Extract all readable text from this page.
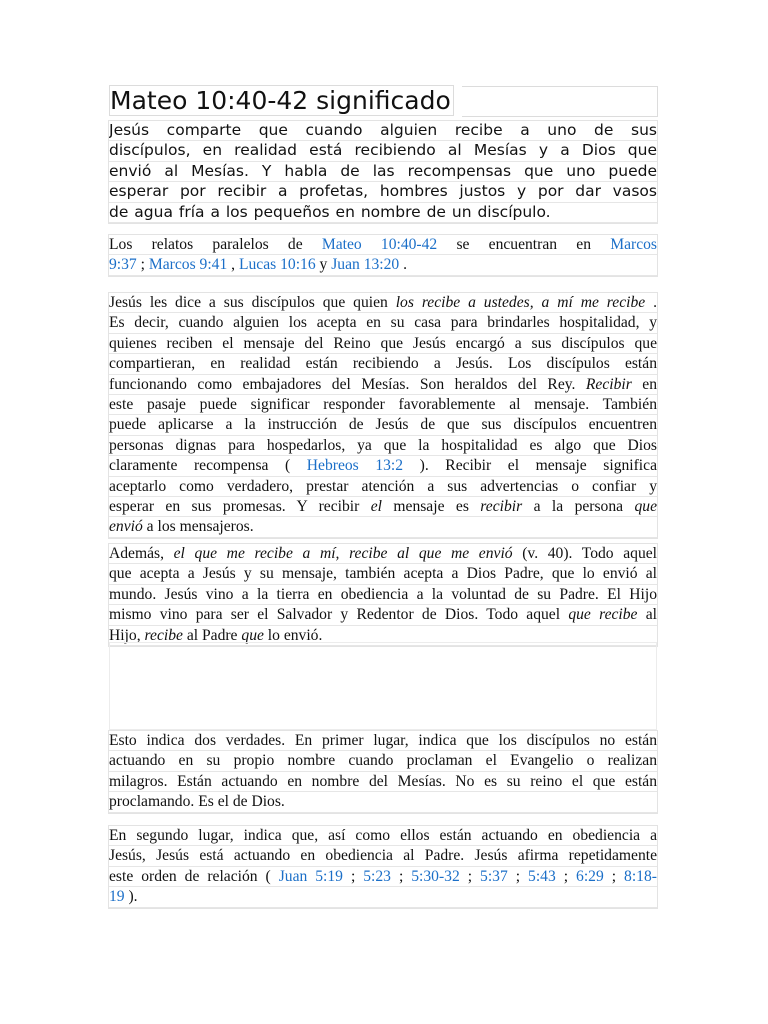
Mateo 10:40-42 significado
Jesús comparte que cuando alguien recibe a uno de sus
discípulos, en realidad está recibiendo al Mesías y a Dios que
envió al Mesías. Y habla de las recompensas que uno puede
esperar por recibir a profetas, hombres justos y por dar vasos
de agua fría a los pequeños en nombre de un discípulo.
Los relatos paralelos de Mateo 10:40-42 se encuentran en Marcos
9:37 ; Marcos 9:41 , Lucas 10:16 y Juan 13:20 .
Jesús les dice a sus discípulos que quien los recibe a ustedes, a mí me recibe .
Es decir, cuando alguien los acepta en su casa para brindarles hospitalidad, y
quienes reciben el mensaje del Reino que Jesús encargó a sus discípulos que
compartieran, en realidad están recibiendo a Jesús. Los discípulos están
funcionando como embajadores del Mesías. Son heraldos del Rey. Recibir en
este pasaje puede significar responder favorablemente al mensaje. También
puede aplicarse a la instrucción de Jesús de que sus discípulos encuentren
personas dignas para hospedarlos, ya que la hospitalidad es algo que Dios
claramente recompensa ( Hebreos 13:2 ). Recibir el mensaje significa
aceptarlo como verdadero, prestar atención a sus advertencias o confiar y
esperar en sus promesas. Y recibir el mensaje es recibir a la persona que
envió a los mensajeros.
Además, el que me recibe a mí, recibe al que me envió (v. 40). Todo aquel
que acepta a Jesús y su mensaje, también acepta a Dios Padre, que lo envió al
mundo. Jesús vino a la tierra en obediencia a la voluntad de su Padre. El Hijo
mismo vino para ser el Salvador y Redentor de Dios. Todo aquel que recibe al
Hijo, recibe al Padre que lo envió.
Esto indica dos verdades. En primer lugar, indica que los discípulos no están
actuando en su propio nombre cuando proclaman el Evangelio o realizan
milagros. Están actuando en nombre del Mesías. No es su reino el que están
proclamando. Es el de Dios.
En segundo lugar, indica que, así como ellos están actuando en obediencia a
Jesús, Jesús está actuando en obediencia al Padre. Jesús afirma repetidamente
este orden de relación ( Juan 5:19 ; 5:23 ; 5:30-32 ; 5:37 ; 5:43 ; 6:29 ; 8:18-
19 ).
